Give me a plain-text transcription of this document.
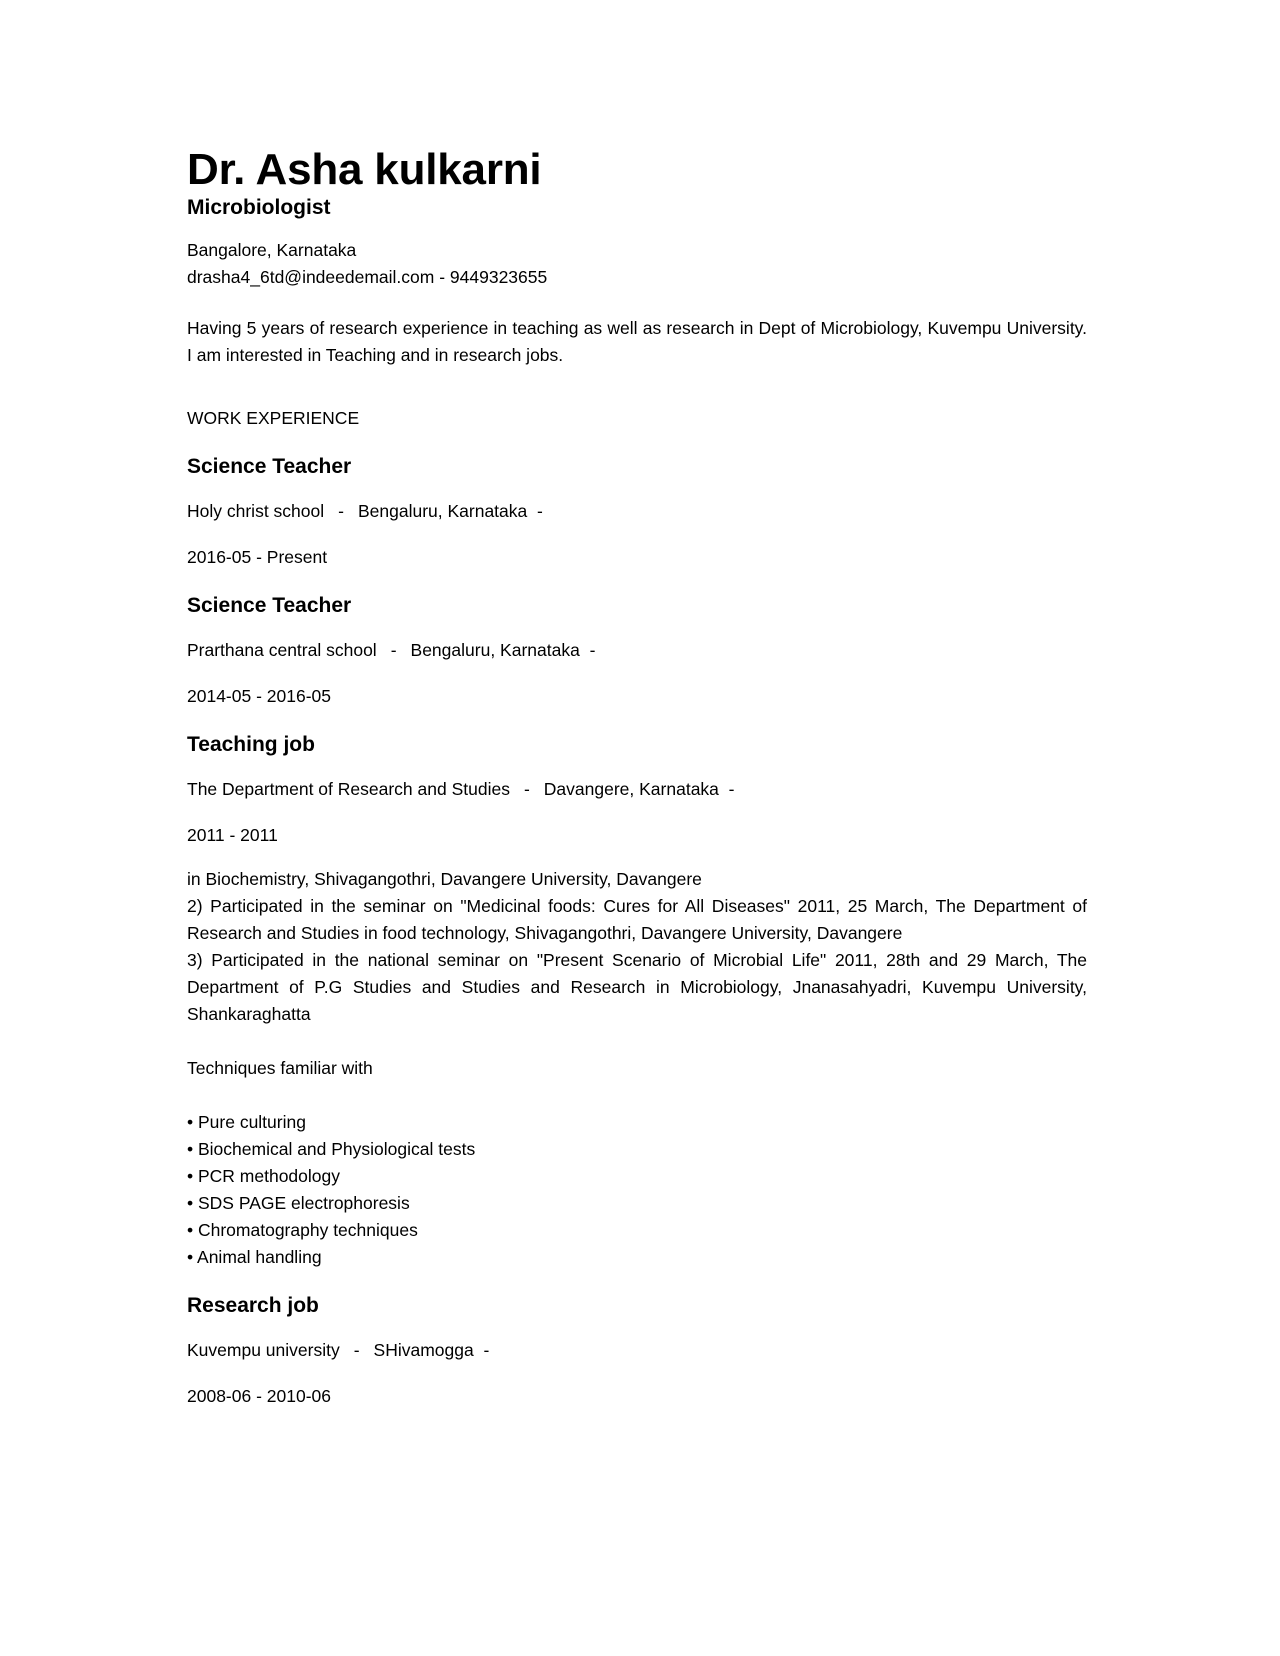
Dr. Asha kulkarni
Microbiologist
Bangalore, Karnataka
drasha4_6td@indeedemail.com - 9449323655
Having 5 years of research experience in teaching as well as research in Dept of Microbiology, Kuvempu University. I am interested in Teaching and in research jobs.
WORK EXPERIENCE
Science Teacher
Holy christ school - Bengaluru, Karnataka -
2016-05 - Present
Science Teacher
Prarthana central school - Bengaluru, Karnataka -
2014-05 - 2016-05
Teaching job
The Department of Research and Studies - Davangere, Karnataka -
2011 - 2011

in Biochemistry, Shivagangothri, Davangere University, Davangere

2) Participated in the seminar on "Medicinal foods: Cures for All Diseases" 2011, 25 March, The Department of Research and Studies in food technology, Shivagangothri, Davangere University, Davangere

3) Participated in the national seminar on "Present Scenario of Microbial Life" 2011, 28th and 29 March, The Department of P.G Studies and Studies and Research in Microbiology, Jnanasahyadri, Kuvempu University, Shankaraghatta

Techniques familiar with

• Pure culturing
• Biochemical and Physiological tests
• PCR methodology
• SDS PAGE electrophoresis
• Chromatography techniques
• Animal handling
Research job
Kuvempu university - SHivamogga -
2008-06 - 2010-06
